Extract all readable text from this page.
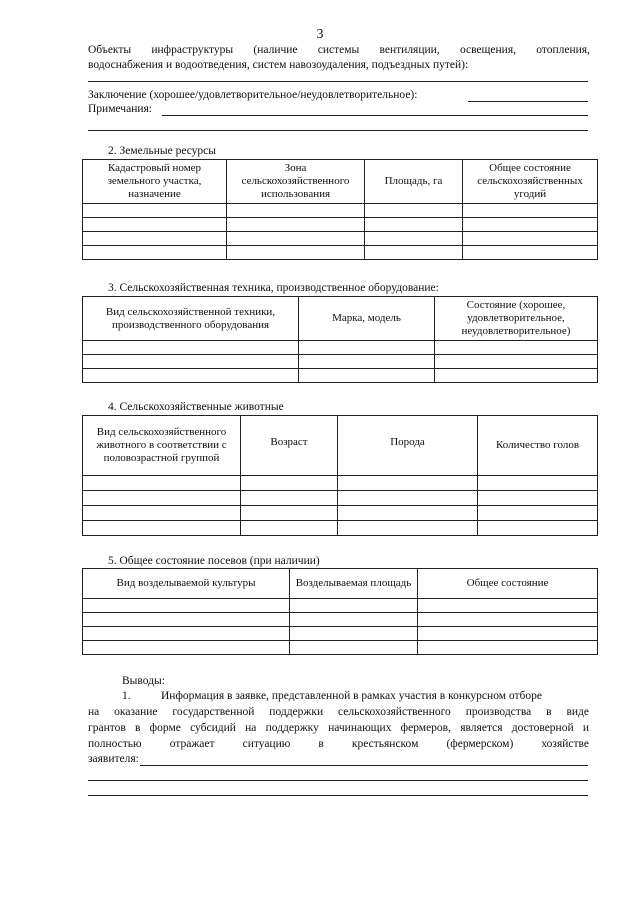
3
Объекты инфраструктуры (наличие системы вентиляции, освещения, отопления,
водоснабжения и водоотведения, систем навозоудаления, подъездных путей):
Заключение (хорошее/удовлетворительное/неудовлетворительное):
Примечания:
2. Земельные ресурсы
Кадастровый номер земельного участка, назначение	Зона сельскохозяйственного использования	Площадь, га	Общее состояние сельскохозяйственных угодий

3. Сельскохозяйственная техника, производственное оборудование:
Вид сельскохозяйственной техники, производственного оборудования	Марка, модель	Состояние (хорошее, удовлетворительное, неудовлетворительное)

4. Сельскохозяйственные животные
Вид сельскохозяйственного животного в соответствии с половозрастной группой	Возраст	Порода	Количество голов

5. Общее состояние посевов (при наличии)
Вид возделываемой культуры	Возделываемая площадь	Общее состояние

Выводы:
1.	Информация в заявке, представленной в рамках участия в конкурсном отборе
на оказание государственной поддержки сельскохозяйственного производства в виде
грантов в форме субсидий на поддержку начинающих фермеров, является достоверной и
полностью отражает ситуацию в крестьянском (фермерском) хозяйстве
заявителя:
